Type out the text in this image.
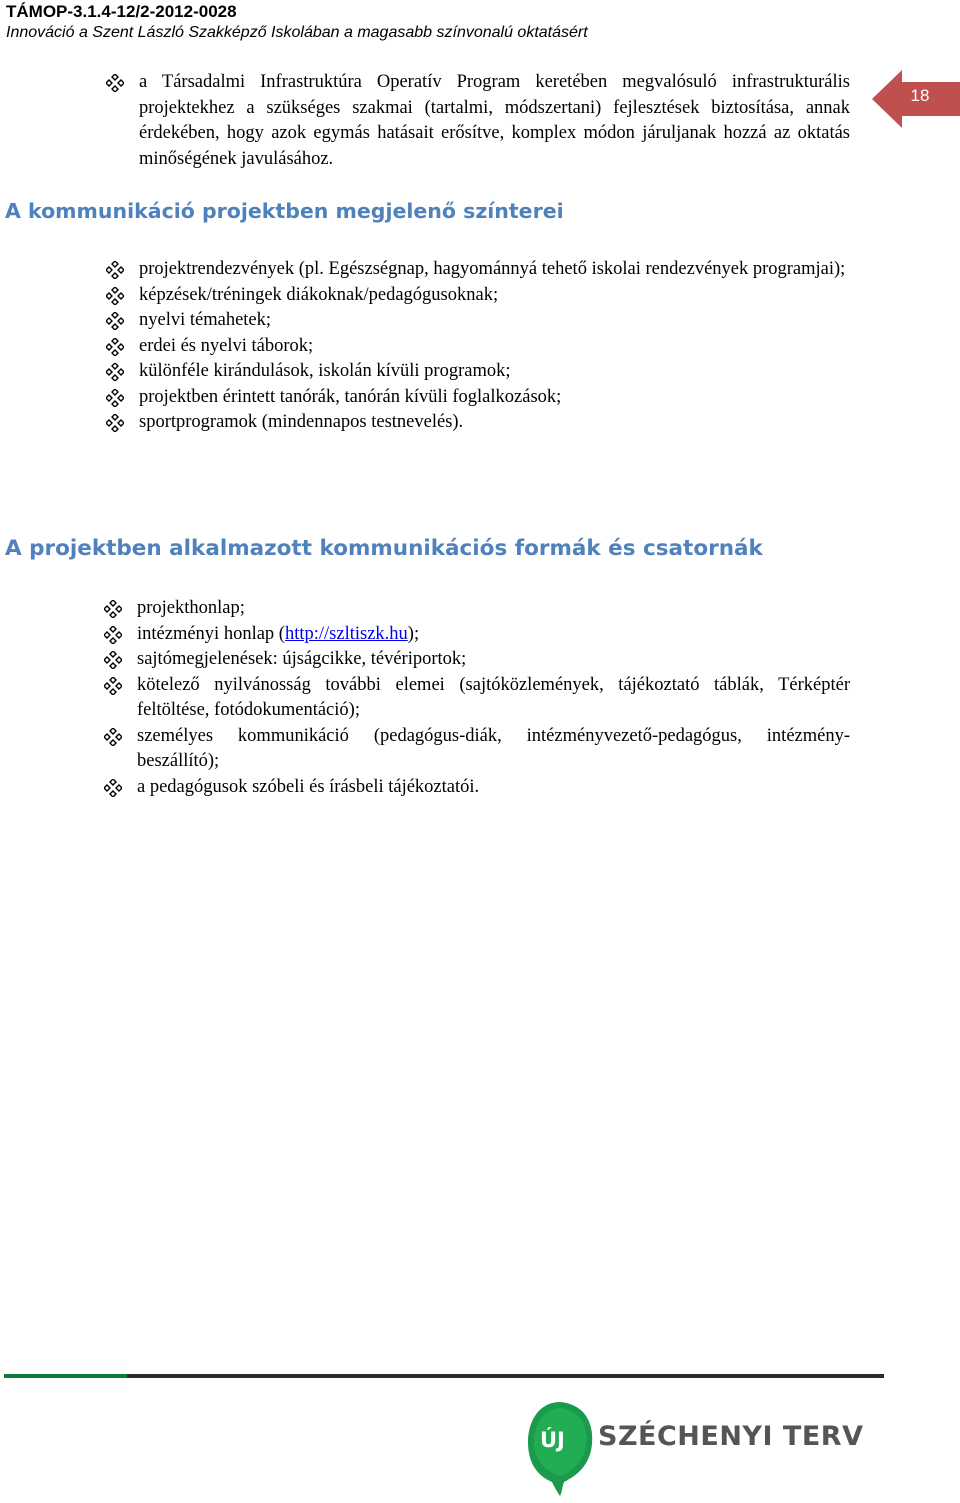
TÁMOP-3.1.4-12/2-2012-0028
Innováció a Szent László Szakképző Iskolában a magasabb színvonalú oktatásért
18
a Társadalmi Infrastruktúra Operatív Program keretében megvalósuló infrastrukturális projektekhez a szükséges szakmai (tartalmi, módszertani) fejlesztések biztosítása, annak érdekében, hogy azok egymás hatásait erősítve, komplex módon járuljanak hozzá az oktatás minőségének javulásához.
A kommunikáció projektben megjelenő színterei
projektrendezvények (pl. Egészségnap, hagyománnyá tehető iskolai rendezvények programjai);
képzések/tréningek diákoknak/pedagógusoknak;
nyelvi témahetek;
erdei és nyelvi táborok;
különféle kirándulások, iskolán kívüli programok;
projektben érintett tanórák, tanórán kívüli foglalkozások;
sportprogramok (mindennapos testnevelés).
A projektben alkalmazott kommunikációs formák és csatornák
projekthonlap;
intézményi honlap (http://szltiszk.hu);
sajtómegjelenések: újságcikke, tévériportok;
kötelező nyilvánosság további elemei (sajtóközlemények, tájékoztató táblák, Térképtér feltöltése, fotódokumentáció);
személyes kommunikáció (pedagógus-diák, intézményvezető-pedagógus, intézmény-beszállító);
a pedagógusok szóbeli és írásbeli tájékoztatói.
ÚJ SZÉCHENYI TERV
